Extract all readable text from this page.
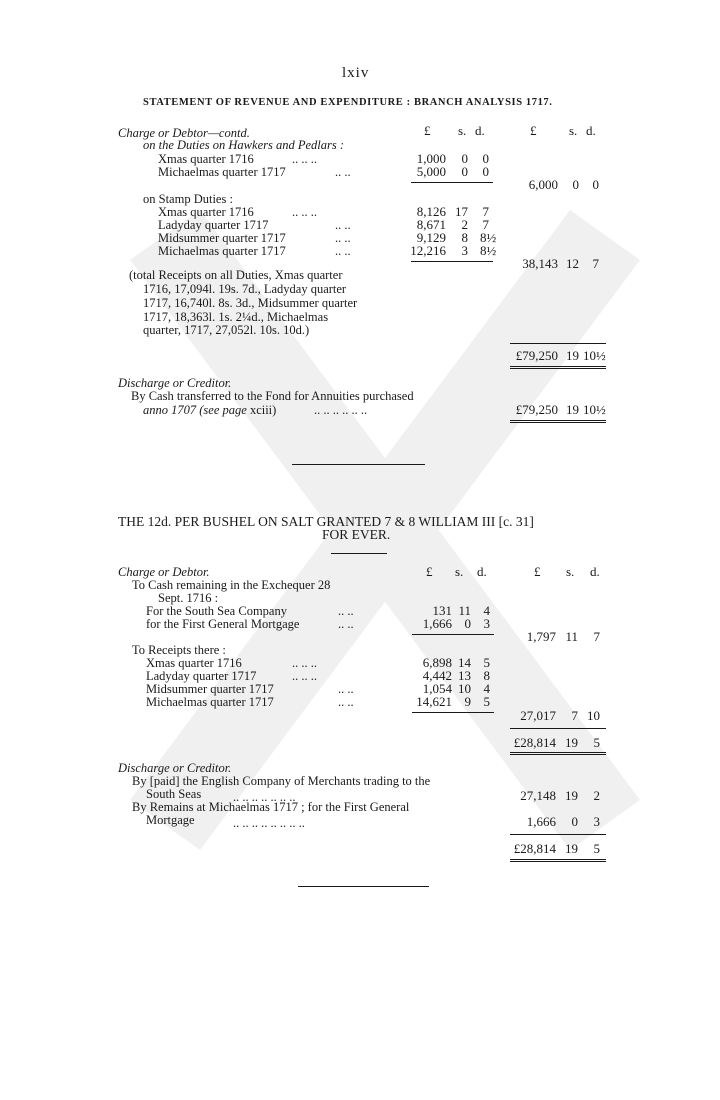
lxiv
STATEMENT OF REVENUE AND EXPENDITURE : BRANCH ANALYSIS 1717.
Charge or Debtor—contd.	£ s. d.	£	s. d.
on the Duties on Hawkers and Pedlars :
Xmas quarter 1716	.. .. ..	1,000	0	0
Michaelmas quarter 1717	.. ..	5,000	0	0
6,000	0	0
on Stamp Duties :
Xmas quarter 1716	.. .. ..	8,126 17	7
Ladyday quarter 1717	.. ..	8,671	2	7
Midsummer quarter 1717	.. ..	9,129	8 8½
Michaelmas quarter 1717	.. ..	12,216	3 8½
38,143 12	7
(total Receipts on all Duties, Xmas quarter
1716, 17,094l. 19s. 7d., Ladyday quarter
1717, 16,740l. 8s. 3d., Midsummer quarter
1717, 18,363l. 1s. 2¼d., Michaelmas
quarter, 1717, 27,052l. 10s. 10d.)
£79,250 19 10½
Discharge or Creditor.
By Cash transferred to the Fond for Annuities purchased
anno 1707 (see page xciii)	.. .. .. .. .. ..	£79,250 19 10½
THE 12d. PER BUSHEL ON SALT GRANTED 7 & 8 WILLIAM III [c. 31]
FOR EVER.
Charge or Debtor.	£ s. d.	£ s. d.
To Cash remaining in the Exchequer 28
Sept. 1716 :
For the South Sea Company	.. ..	131 11 4
for the First General Mortgage	.. ..	1,666 0 3
1,797 11	7
To Receipts there :
Xmas quarter 1716	.. .. ..	6,898 14 5
Ladyday quarter 1717	.. .. ..	4,442 13 8
Midsummer quarter 1717	.. ..	1,054 10 4
Michaelmas quarter 1717	.. ..	14,621 9 5
27,017	7 10
£28,814 19	5
Discharge or Creditor.
By [paid] the English Company of Merchants trading to the
South Seas	.. .. .. .. .. .. ..	27,148 19	2
By Remains at Michaelmas 1717 ; for the First General
Mortgage	.. .. .. .. .. .. .. ..	1,666	0	3
£28,814 19	5
